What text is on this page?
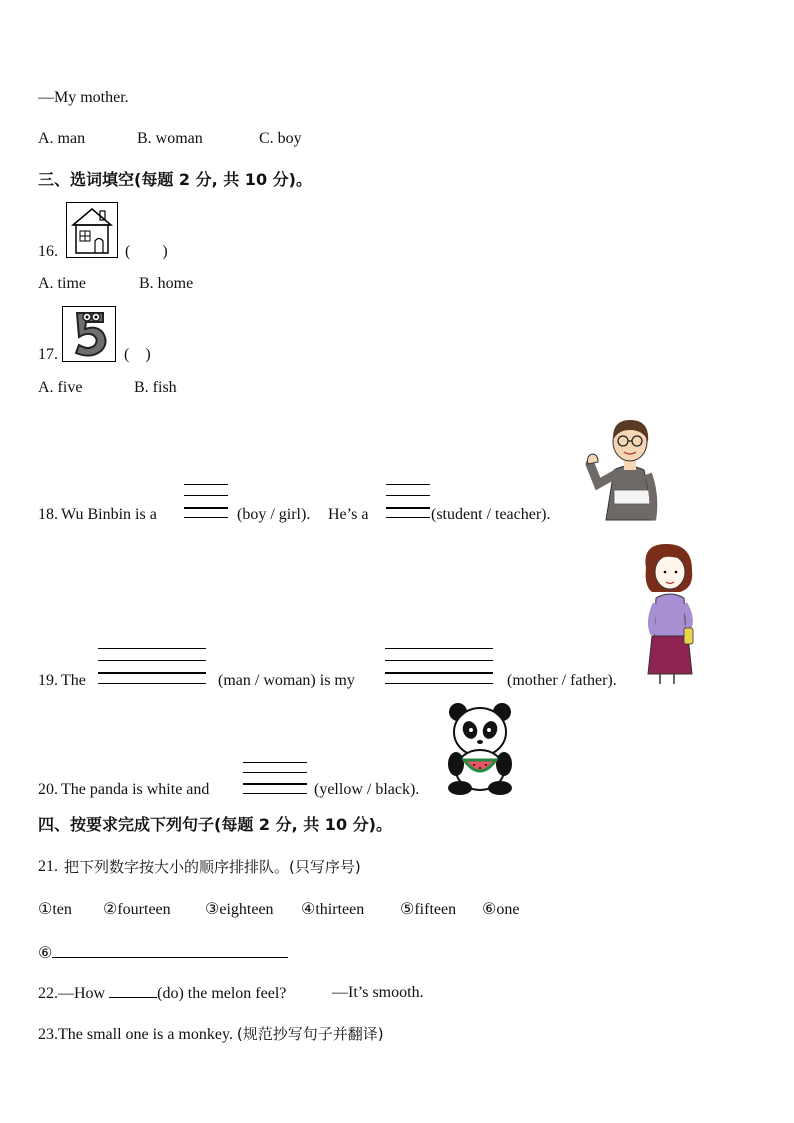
—My mother.
A. man	B. woman	C. boy
三、选词填空(每题 2 分, 共 10 分)。
16.	(        )
A. time	B. home
17.	(    )
A. five	B. fish
18. Wu Binbin is a	(boy / girl). He’s a	(student / teacher).
19. The	(man / woman) is my	(mother / father).
20. The panda is white and	(yellow / black).
四、按要求完成下列句子(每题 2 分, 共 10 分)。
21. 把下列数字按大小的顺序排排队。(只写序号)
①ten ②fourteen ③eighteen ④thirteen ⑤fifteen ⑥one
⑥
22.—How	(do) the melon feel?	—It’s smooth.
23.The small one is a monkey. (规范抄写句子并翻译)
